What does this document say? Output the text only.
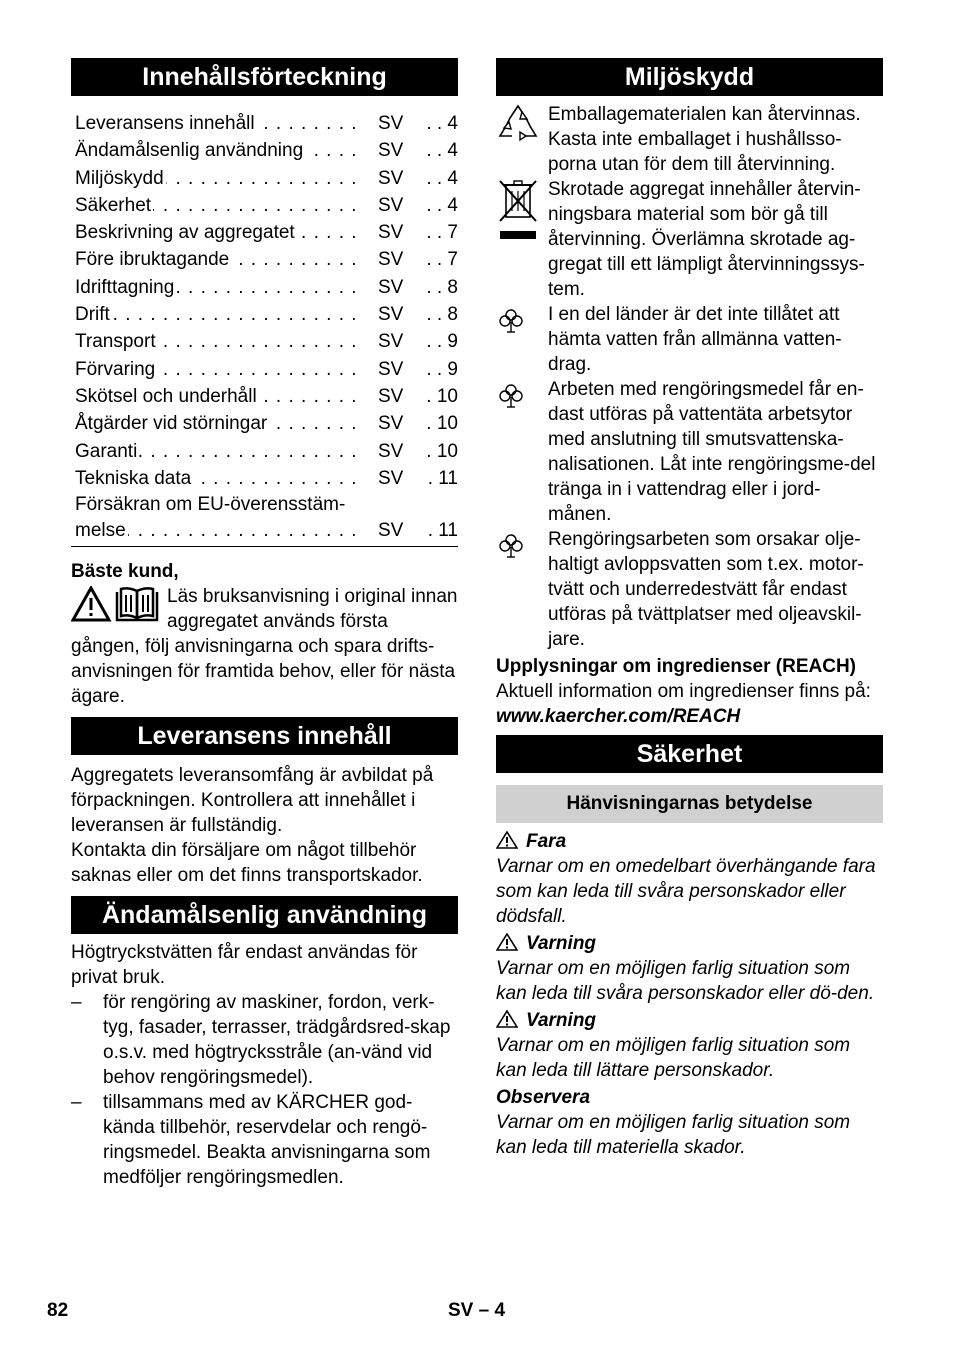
Innehållsförteckning
Leveransens innehåll . . .	SV	. . 4
Ändamålsenlig användning . . .	SV	. . 4
Miljöskydd . . .	SV	. . 4
Säkerhet . . .	SV	. . 4
Beskrivning av aggregatet . . .	SV	. . 7
Före ibruktagande . . .	SV	. . 7
Idrifttagning . . .	SV	. . 8
Drift . . .	SV	. . 8
Transport . . .	SV	. . 9
Förvaring . . .	SV	. . 9
Skötsel och underhåll . . .	SV	. 10
Åtgärder vid störningar . . .	SV	. 10
Garanti . . .	SV	. 10
Tekniska data . . .	SV	. 11
Försäkran om EU-överensstäm-
melse . . .	SV	. 11

Bäste kund,

Läs bruksanvisning i original innan aggregatet används första gången, följ anvisningarna och spara drifts-anvisningen för framtida behov, eller för nästa ägare.

Leveransens innehåll

Aggregatets leveransomfång är avbildat på förpackningen. Kontrollera att innehållet i leveransen är fullständig.

Kontakta din försäljare om något tillbehör saknas eller om det finns transportskador.

Ändamålsenlig användning

Högtryckstvätten får endast användas för privat bruk.

– för rengöring av maskiner, fordon, verk-tyg, fasader, terrasser, trädgårdsred-skap o.s.v. med högtrycksstråle (an-vänd vid behov rengöringsmedel).
– tillsammans med av KÄRCHER god-kända tillbehör, reservdelar och rengö-ringsmedel. Beakta anvisningarna som medföljer rengöringsmedlen.
Miljöskydd
Emballagematerialen kan återvinnas. Kasta inte emballaget i hushållsso-porna utan för dem till återvinning.
Skrotade aggregat innehåller återvin-ningsbara material som bör gå till återvinning. Överlämna skrotade ag-gregat till ett lämpligt återvinningssys-tem.
I en del länder är det inte tillåtet att hämta vatten från allmänna vatten-drag.
Arbeten med rengöringsmedel får en-dast utföras på vattentäta arbetsytor med anslutning till smutsvattenska-nalisationen. Låt inte rengöringsme-del tränga in i vattendrag eller i jord-månen.
Rengöringsarbeten som orsakar olje-haltigt avloppsvatten som t.ex. motor-tvätt och underredestvätt får endast utföras på tvättplatser med oljeavskil-jare.

Upplysningar om ingredienser (REACH)

Aktuell information om ingredienser finns på:

www.kaercher.com/REACH

Säkerhet
Hänvisningarnas betydelse

Fara

Varnar om en omedelbart överhängande fara som kan leda till svåra personskador eller dödsfall.

Varning

Varnar om en möjligen farlig situation som kan leda till svåra personskador eller dö-den.

Varning

Varnar om en möjligen farlig situation som kan leda till lättare personskador.

Observera

Varnar om en möjligen farlig situation som kan leda till materiella skador.

82	SV – 4
